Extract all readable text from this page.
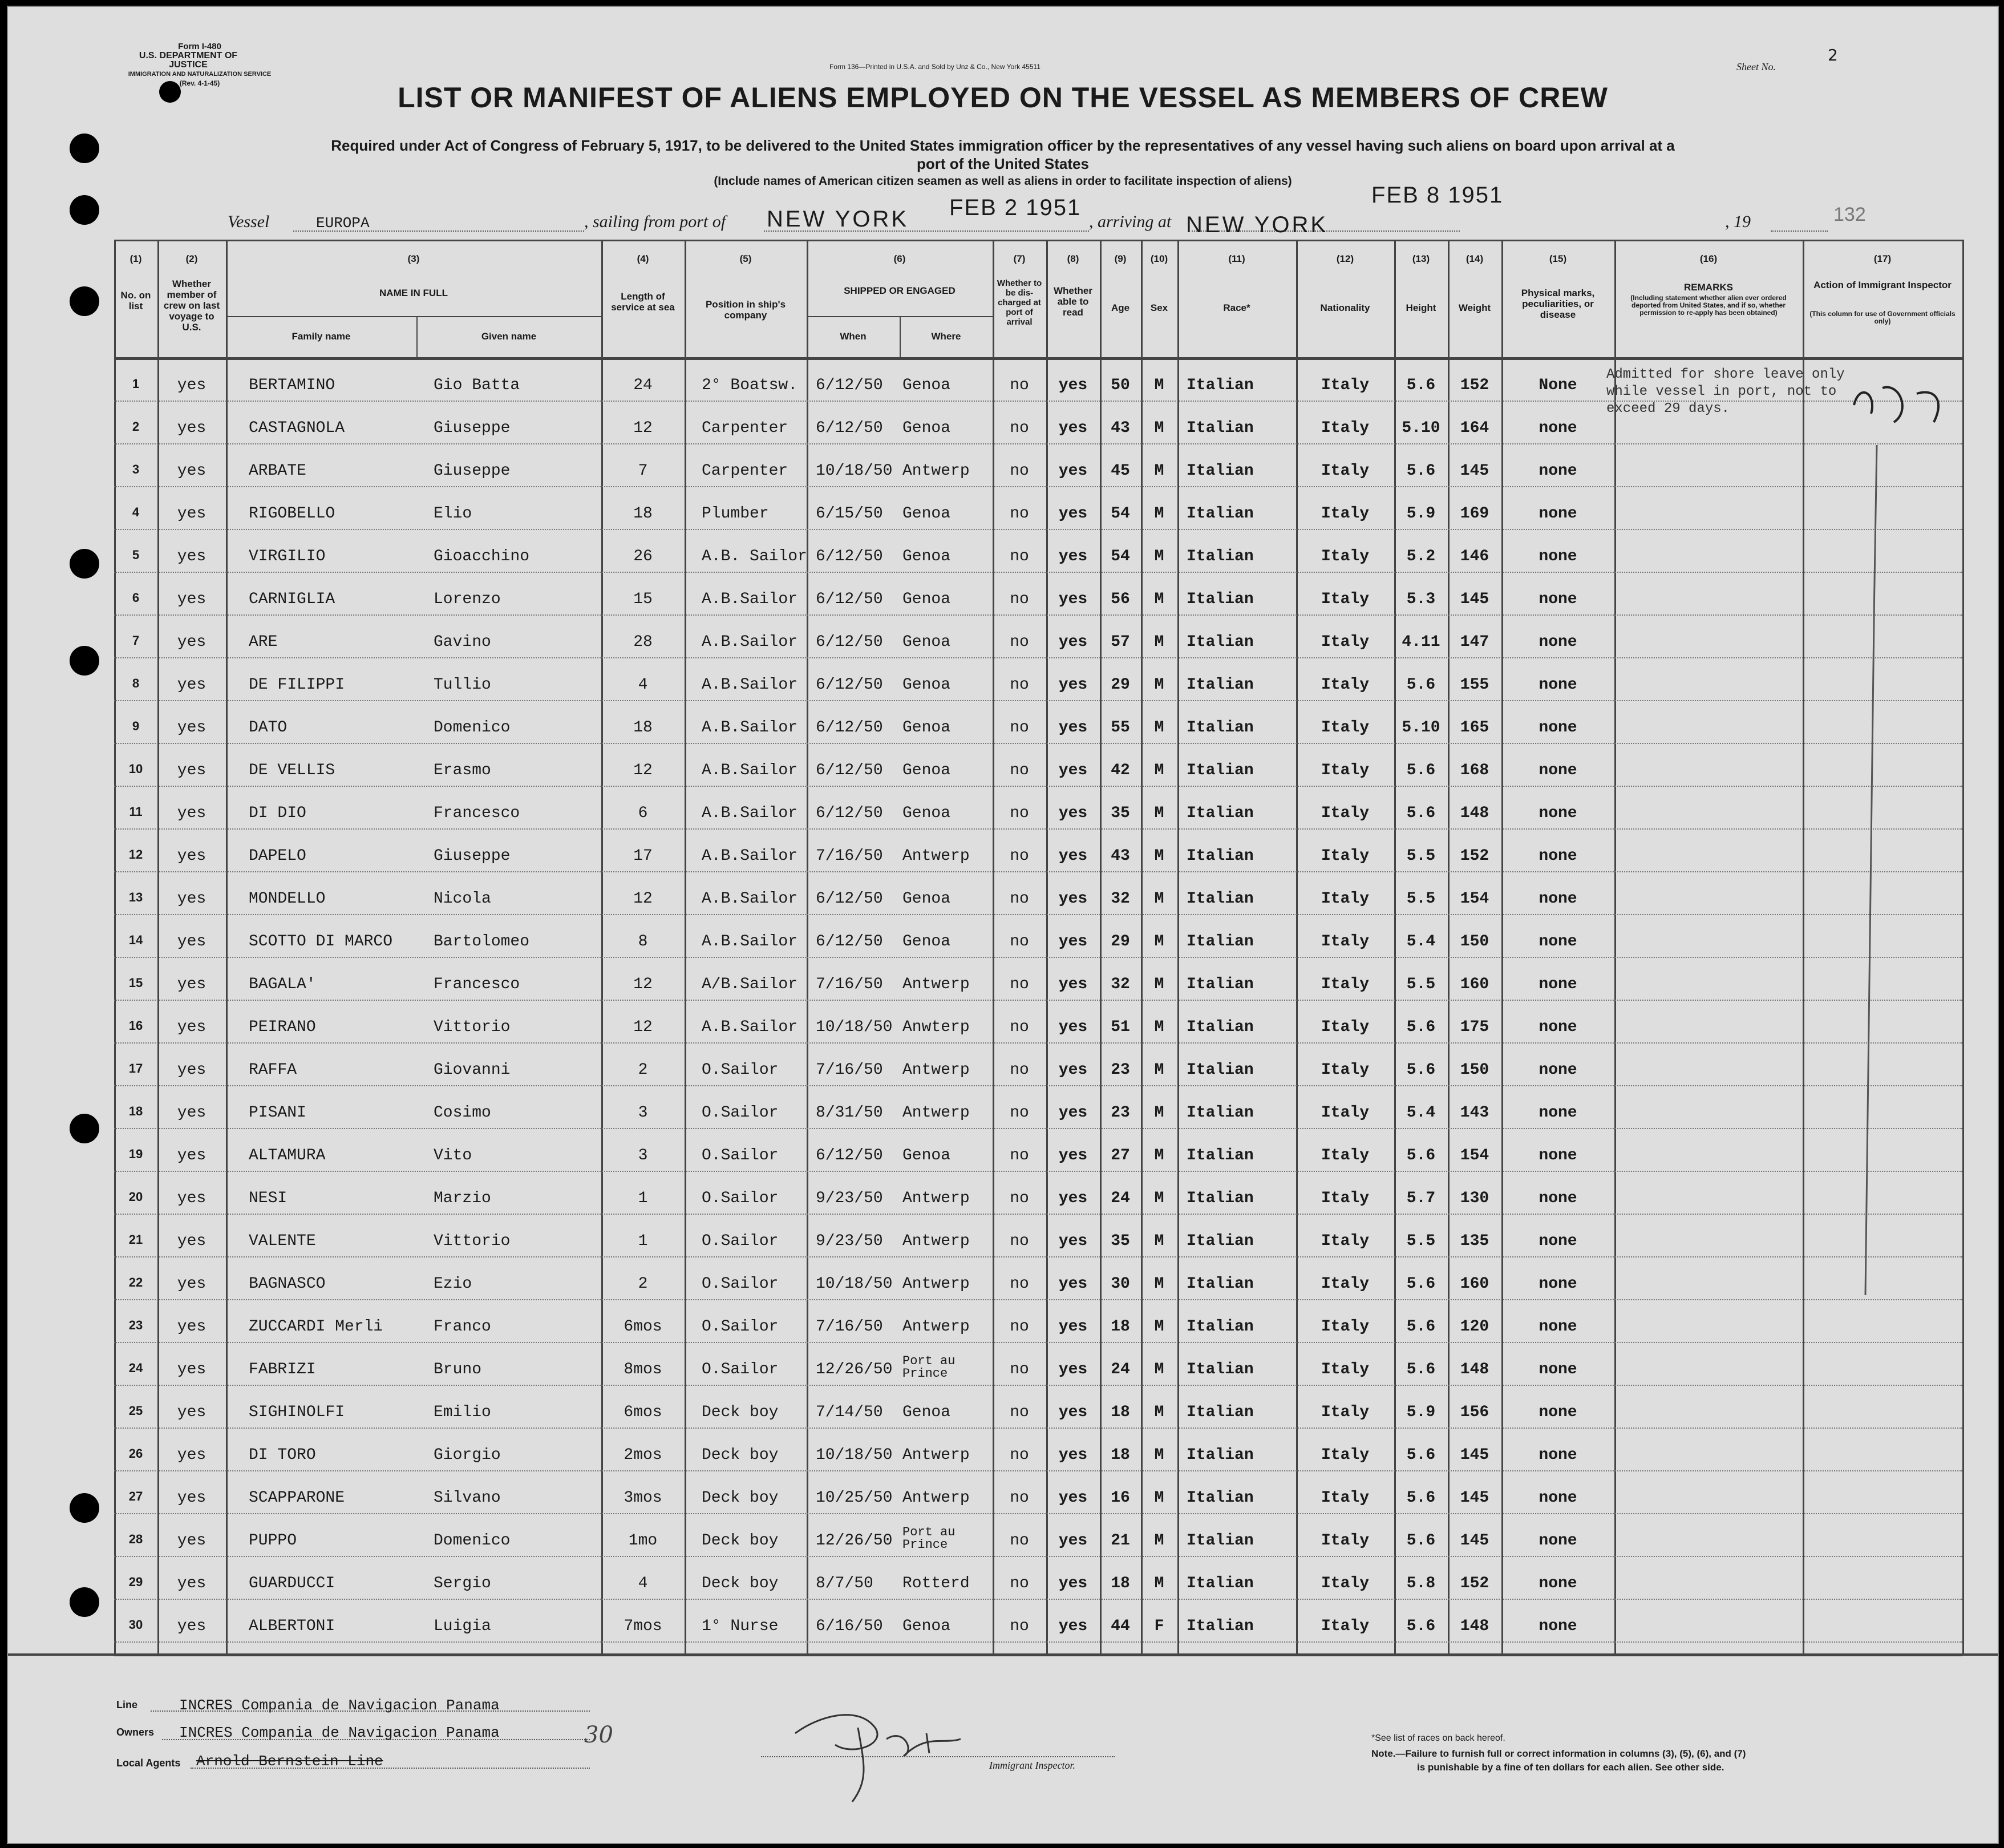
Form I-480
U.S. DEPARTMENT OF JUSTICE
IMMIGRATION AND NATURALIZATION SERVICE
(Rev. 4-1-45)
Form 136—Printed in U.S.A. and Sold by Unz & Co., New York 45511	Sheet No.
2
LIST OR MANIFEST OF ALIENS EMPLOYED ON THE VESSEL AS MEMBERS OF CREW
Required under Act of Congress of February 5, 1917, to be delivered to the United States immigration officer by the representatives of any vessel having such aliens on board upon arrival at a
port of the United States
(Include names of American citizen seamen as well as aliens in order to facilitate inspection of aliens)
Vessel	EUROPA	, sailing from port of NEW YORK FEB 2 1951
, arriving at NEW YORK
FEB 8 1951
, 19	132
(1)	(2)	(3)	(4)	(5)	(6)	(7)	(8)	(9)	(10)	(11)	(12)	(13)	(14)	(15)	(16)	(17)
No. on list
Whether member of crew on last voyage to U.S.
NAME IN FULL
Family name	Given name
Length of service at sea	Position in ship's company
SHIPPED OR ENGAGED
When	Where
Whether to be dis-charged at port of arrival
Whether able to read	Age	Sex	Race*	Nationality	Height	Weight
Physical marks, peculiarities, or disease
REMARKS
(Including statement whether alien ever ordered deported from United States, and if so, whether permission to re-apply has been obtained)
Action of Immigrant Inspector
(This column for use of Government officials only)
1	yes	BERTAMINO	Gio Batta	24	2° Boatsw.	6/12/50	Genoa	no	yes	50	M	Italian	Italy	5.6	152	None
2	yes	CASTAGNOLA	Giuseppe	12	Carpenter	6/12/50	Genoa	no	yes	43	M	Italian	Italy	5.10	164	none
3	yes	ARBATE	Giuseppe	7	Carpenter	10/18/50 Antwerp	no	yes	45	M	Italian	Italy	5.6	145	none
4	yes	RIGOBELLO	Elio	18	Plumber	6/15/50	Genoa	no	yes	54	M	Italian	Italy	5.9	169	none
5	yes	VIRGILIO	Gioacchino	26	A.B. Sailor 6/12/50	Genoa	no	yes	54	M	Italian	Italy	5.2	146	none
6	yes	CARNIGLIA	Lorenzo	15	A.B.Sailor	6/12/50	Genoa	no	yes	56	M	Italian	Italy	5.3	145	none
7	yes	ARE	Gavino	28	A.B.Sailor	6/12/50	Genoa	no	yes	57	M	Italian	Italy	4.11	147	none
8	yes	DE FILIPPI	Tullio	4	A.B.Sailor	6/12/50	Genoa	no	yes	29	M	Italian	Italy	5.6	155	none
9	yes	DATO	Domenico	18	A.B.Sailor	6/12/50	Genoa	no	yes	55	M	Italian	Italy	5.10	165	none
10	yes	DE VELLIS	Erasmo	12	A.B.Sailor	6/12/50	Genoa	no	yes	42	M	Italian	Italy	5.6	168	none
11	yes	DI DIO	Francesco	6	A.B.Sailor	6/12/50	Genoa	no	yes	35	M	Italian	Italy	5.6	148	none
12	yes	DAPELO	Giuseppe	17	A.B.Sailor	7/16/50	Antwerp	no	yes	43	M	Italian	Italy	5.5	152	none
13	yes	MONDELLO	Nicola	12	A.B.Sailor	6/12/50	Genoa	no	yes	32	M	Italian	Italy	5.5	154	none
14	yes	SCOTTO DI MARCO	Bartolomeo	8	A.B.Sailor	6/12/50	Genoa	no	yes	29	M	Italian	Italy	5.4	150	none
15	yes	BAGALA'	Francesco	12	A/B.Sailor	7/16/50	Antwerp	no	yes	32	M	Italian	Italy	5.5	160	none
16	yes	PEIRANO	Vittorio	12	A.B.Sailor	10/18/50 Anwterp	no	yes	51	M	Italian	Italy	5.6	175	none
17	yes	RAFFA	Giovanni	2	O.Sailor	7/16/50	Antwerp	no	yes	23	M	Italian	Italy	5.6	150	none
18	yes	PISANI	Cosimo	3	O.Sailor	8/31/50	Antwerp	no	yes	23	M	Italian	Italy	5.4	143	none
19	yes	ALTAMURA	Vito	3	O.Sailor	6/12/50	Genoa	no	yes	27	M	Italian	Italy	5.6	154	none
20	yes	NESI	Marzio	1	O.Sailor	9/23/50	Antwerp	no	yes	24	M	Italian	Italy	5.7	130	none
21	yes	VALENTE	Vittorio	1	O.Sailor	9/23/50	Antwerp	no	yes	35	M	Italian	Italy	5.5	135	none
22	yes	BAGNASCO	Ezio	2	O.Sailor	10/18/50 Antwerp	no	yes	30	M	Italian	Italy	5.6	160	none
23	yes	ZUCCARDI Merli	Franco	6mos	O.Sailor	7/16/50	Antwerp	no	yes	18	M	Italian	Italy	5.6	120	none
24	yes	FABRIZI	Bruno	8mos	O.Sailor	12/26/50 Port au Prince	no	yes	24	M	Italian	Italy	5.6	148	none
25	yes	SIGHINOLFI	Emilio	6mos	Deck boy	7/14/50	Genoa	no	yes	18	M	Italian	Italy	5.9	156	none
26	yes	DI TORO	Giorgio	2mos	Deck boy	10/18/50 Antwerp	no	yes	18	M	Italian	Italy	5.6	145	none
27	yes	SCAPPARONE	Silvano	3mos	Deck boy	10/25/50 Antwerp	no	yes	16	M	Italian	Italy	5.6	145	none
28	yes	PUPPO	Domenico	1mo	Deck boy	12/26/50 Port au Prince	no	yes	21	M	Italian	Italy	5.6	145	none
29	yes	GUARDUCCI	Sergio	4	Deck boy	8/7/50	Rotterd	no	yes	18	M	Italian	Italy	5.8	152	none
30	yes	ALBERTONI	Luigia	7mos	1° Nurse	6/16/50	Genoa	no	yes	44	F	Italian	Italy	5.6	148	none
Admitted for shore leave only
while vessel in port, not to
exceed 29 days.
Line	INCRES Compania de Navigacion Panama
Owners INCRES Compania de Navigacion Panama
Local Agents Arnold Bernstein Line
30
Immigrant Inspector.
*See list of races on back hereof.
Note.—Failure to furnish full or correct information in columns (3), (5), (6), and (7)
is punishable by a fine of ten dollars for each alien. See other side.
